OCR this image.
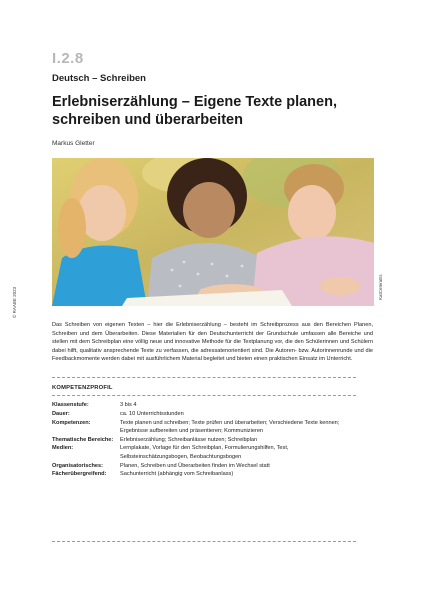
I.2.8
Deutsch – Schreiben
Erlebniserzählung – Eigene Texte planen, schreiben und überarbeiten
Markus Gletter
KatCeteraEs
© RAABE 2023
Das Schreiben von eigenen Texten – hier die Erlebniserzählung – besteht im Schreibprozess aus den Bereichen Planen, Schreiben und dem Überarbeiten. Diese Materialien für den Deutschunterricht der Grundschule umfassen alle Bereiche und stellen mit dem Schreibplan eine völlig neue und innovative Methode für die Textplanung vor, die den Schülerinnen und Schülern dabei hilft, qualitativ ansprechende Texte zu verfassen, die adressatenorientiert sind. Die Autoren- bzw. Autorinnenrunde und die Feedbackmomente werden dabei mit ausführlichem Material begleitet und bieten einen praktischen Einsatz im Unterricht.
KOMPETENZPROFIL
Klassenstufe:	3 bis 4
Dauer:	ca. 10 Unterrichtsstunden
Kompetenzen:	Texte planen und schreiben; Texte prüfen und überarbeiten; Verschiedene Texte kennen; Ergebnisse aufbereiten und präsentieren; Kommunizieren
Thematische Bereiche:	Erlebniserzählung; Schreibanlässe nutzen; Schreibplan
Medien:	Lernplakate, Vorlage für den Schreibplan, Formulierungshilfen, Test, Selbsteinschätzungsbogen, Beobachtungsbogen
Organisatorisches:	Planen, Schreiben und Überarbeiten finden im Wechsel statt
Fächerübergreifend:	Sachunterricht (abhängig vom Schreibanlass)
